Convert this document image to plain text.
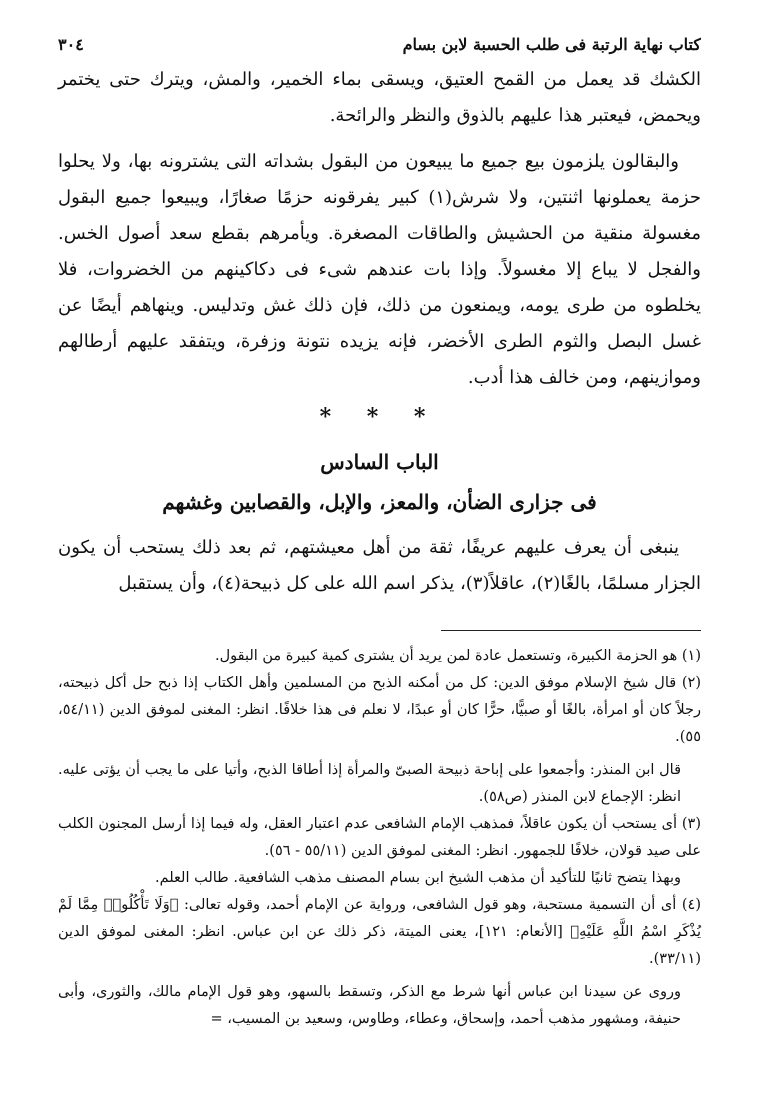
كتاب نهاية الرتبة فى طلب الحسبة لابن بسام
٣٠٤

الكشك قد يعمل من القمح العتيق، ويسقى بماء الخمير، والمش، ويترك حتى يختمر ويحمض، فيعتبر هذا عليهم بالذوق والنظر والرائحة.

والبقالون يلزمون بيع جميع ما يبيعون من البقول بشداته التى يشترونه بها، ولا يحلوا حزمة يعملونها اثنتين، ولا شرش(١) كبير يفرقونه حزمًا صغارًا، ويبيعوا جميع البقول مغسولة منقية من الحشيش والطاقات المصغرة. ويأمرهم بقطع سعد أصول الخس. والفجل لا يباع إلا مغسولاً. وإذا بات عندهم شىء فى دكاكينهم من الخضروات، فلا يخلطوه من طرى يومه، ويمنعون من ذلك، فإن ذلك غش وتدليس. وينهاهم أيضًا عن غسل البصل والثوم الطرى الأخضر، فإنه يزيده نتونة وزفرة، ويتفقد عليهم أرطالهم وموازينهم، ومن خالف هذا أدب.

* * *
الباب السادس
فى جزارى الضأن، والمعز، والإبل، والقصابين وغشهم

ينبغى أن يعرف عليهم عريفًا، ثقة من أهل معيشتهم، ثم بعد ذلك يستحب أن يكون الجزار مسلمًا، بالغًا(٢)، عاقلاً(٣)، يذكر اسم الله على كل ذبيحة(٤)، وأن يستقبل

(١) هو الحزمة الكبيرة، وتستعمل عادة لمن يريد أن يشترى كمية كبيرة من البقول.

(٢) قال شيخ الإسلام موفق الدين: كل من أمكنه الذبح من المسلمين وأهل الكتاب إذا ذبح حل أكل ذبيحته، رجلاً كان أو امرأة، بالغًا أو صبيًّا، حرًّا كان أو عبدًا، لا نعلم فى هذا خلافًا. انظر: المغنى لموفق الدين (٥٤/١١، ٥٥).

قال ابن المنذر: وأجمعوا على إباحة ذبيحة الصبىّ والمرأة إذا أطاقا الذبح، وأتيا على ما يجب أن يؤتى عليه. انظر: الإجماع لابن المنذر (ص٥٨).

(٣) أى يستحب أن يكون عاقلاً، فمذهب الإمام الشافعى عدم اعتبار العقل، وله فيما إذا أرسل المجنون الكلب على صيد قولان، خلافًا للجمهور. انظر: المغنى لموفق الدين (٥٥/١١ - ٥٦).

وبهذا يتضح ثانيًا للتأكيد أن مذهب الشيخ ابن بسام المصنف مذهب الشافعية. طالب العلم.

(٤) أى أن التسمية مستحبة، وهو قول الشافعى، ورواية عن الإمام أحمد، وقوله تعالى: ﴿وَلَا تَأْكُلُوا۟ مِمَّا لَمْ يُذْكَرِ اسْمُ اللَّهِ عَلَيْهِ﴾ [الأنعام: ١٢١]، يعنى الميتة، ذكر ذلك عن ابن عباس. انظر: المغنى لموفق الدين (٣٣/١١).

وروى عن سيدنا ابن عباس أنها شرط مع الذكر، وتسقط بالسهو، وهو قول الإمام مالك، والثورى، وأبى حنيفة، ومشهور مذهب أحمد، وإسحاق، وعطاء، وطاوس، وسعيد بن المسيب، =
